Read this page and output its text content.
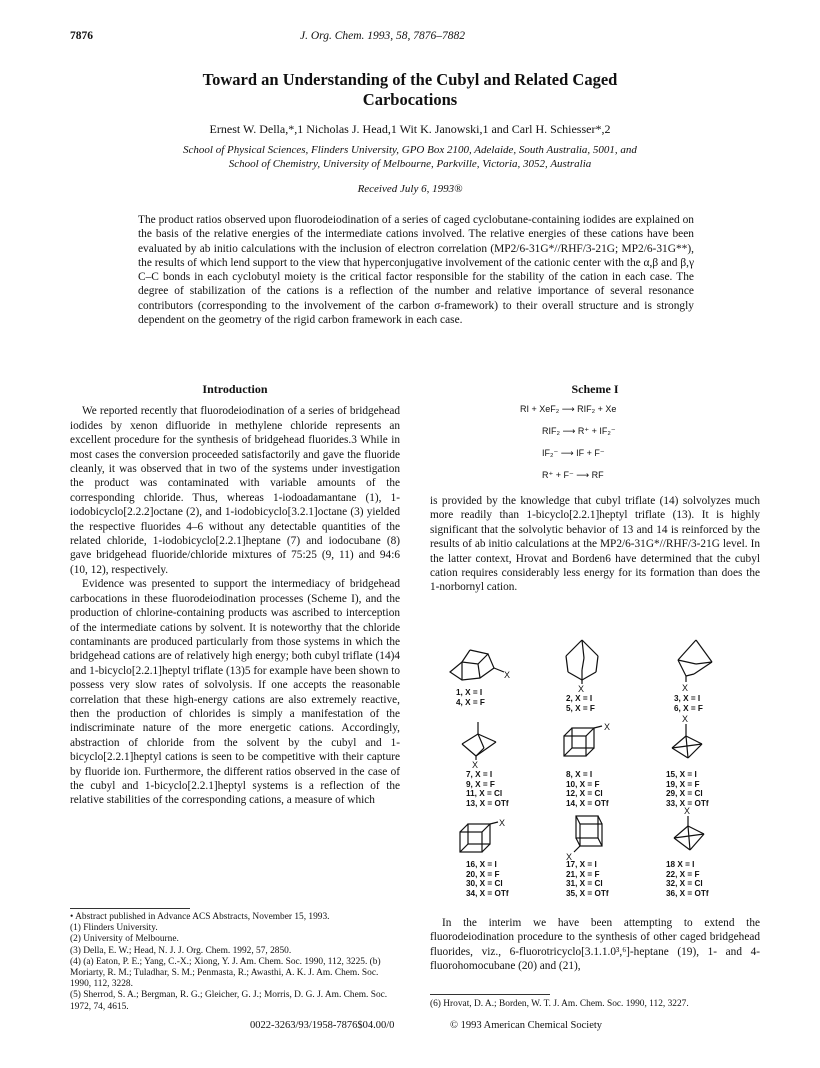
7876	J. Org. Chem. 1993, 58, 7876–7882
Toward an Understanding of the Cubyl and Related Caged
Carbocations
Ernest W. Della,*,1 Nicholas J. Head,1 Wit K. Janowski,1 and Carl H. Schiesser*,2
School of Physical Sciences, Flinders University, GPO Box 2100, Adelaide, South Australia, 5001, and
School of Chemistry, University of Melbourne, Parkville, Victoria, 3052, Australia
Received July 6, 1993®

The product ratios observed upon fluorodeiodination of a series of caged cyclobutane-containing iodides are explained on the basis of the relative energies of the intermediate cations involved. The relative energies of these cations have been evaluated by ab initio calculations with the inclusion of electron correlation (MP2/6-31G*//RHF/3-21G; MP2/6-31G**), the results of which lend support to the view that hyperconjugative involvement of the cationic center with the α,β and β,γ C–C bonds in each cyclobutyl moiety is the critical factor responsible for the stability of the cation in each case. The degree of stabilization of the cations is a reflection of the number and relative importance of several resonance contributors (corresponding to the involvement of the carbon σ-framework) to their overall structure and is strongly dependent on the geometry of the rigid carbon framework in each case.

Introduction

We reported recently that fluorodeiodination of a series of bridgehead iodides by xenon difluoride in methylene chloride represents an excellent procedure for the synthesis of bridgehead fluorides.3 While in most cases the conversion proceeded satisfactorily and gave the fluoride cleanly, it was observed that in two of the systems under investigation the product was contaminated with variable amounts of the corresponding chloride. Thus, whereas 1-iodoadamantane (1), 1-iodobicyclo[2.2.2]octane (2), and 1-iodobicyclo[3.2.1]octane (3) yielded the respective fluorides 4–6 without any detectable quantities of the related chloride, 1-iodobicyclo[2.2.1]heptane (7) and iodocubane (8) gave bridgehead fluoride/chloride mixtures of 75:25 (9, 11) and 94:6 (10, 12), respectively.

Evidence was presented to support the intermediacy of bridgehead carbocations in these fluorodeiodination processes (Scheme I), and the production of chlorine-containing products was ascribed to interception of the intermediate cations by solvent. It is noteworthy that the chloride contaminants are produced particularly from those systems in which the bridgehead cations are of relatively high energy; both cubyl triflate (14)4 and 1-bicyclo[2.2.1]heptyl triflate (13)5 for example have been shown to possess very slow rates of solvolysis. If one accepts the reasonable correlation that these high-energy cations are also extremely reactive, then the production of chlorides is simply a manifestation of the indiscriminate nature of the more energetic cations. Accordingly, abstraction of chloride from the solvent by the cubyl and 1-bicyclo[2.2.1]heptyl cations is seen to be competitive with their capture by fluoride ion. Furthermore, the different ratios observed in the case of the cubyl and 1-bicyclo[2.2.1]heptyl systems is a reflection of the relative stabilities of the corresponding cations, a measure of which

• Abstract published in Advance ACS Abstracts, November 15, 1993.
(1) Flinders University.
(2) University of Melbourne.
(3) Della, E. W.; Head, N. J. J. Org. Chem. 1992, 57, 2850.
(4) (a) Eaton, P. E.; Yang, C.-X.; Xiong, Y. J. Am. Chem. Soc. 1990, 112, 3225. (b) Moriarty, R. M.; Tuladhar, S. M.; Penmasta, R.; Awasthi, A. K. J. Am. Chem. Soc. 1990, 112, 3228.
(5) Sherrod, S. A.; Bergman, R. G.; Gleicher, G. J.; Morris, D. G. J. Am. Chem. Soc. 1972, 74, 4615.
Scheme I
RI + XeF₂ ⟶ RIF₂ + Xe
RIF₂ ⟶ R⁺ + IF₂⁻
IF₂⁻ ⟶ IF + F⁻
R⁺ + F⁻ ⟶ RF

is provided by the knowledge that cubyl triflate (14) solvolyzes much more readily than 1-bicyclo[2.2.1]heptyl triflate (13). It is highly significant that the solvolytic behavior of 13 and 14 is reinforced by the results of ab initio calculations at the MP2/6-31G*//RHF/3-21G level. In the latter context, Hrovat and Borden6 have determined that the cubyl cation requires considerably less energy for its formation than does the 1-norbornyl cation.

X
1, X = I
4, X = F
X
2, X = I
5, X = F
X
3, X = I
6, X = F
X
7, X = I
9, X = F
11, X = Cl
13, X = OTf
X
8, X = I
10, X = F
12, X = Cl
14, X = OTf
X
15, X = I
19, X = F
29, X = Cl
33, X = OTf
X
16, X = I
20, X = F
30, X = Cl
34, X = OTf
X
17, X = I
21, X = F
31, X = Cl
35, X = OTf
X
18 X = I
22, X = F
32, X = Cl
36, X = OTf

In the interim we have been attempting to extend the fluorodeiodination procedure to the synthesis of other caged bridgehead fluorides, viz., 6-fluorotricyclo[3.1.1.0³,⁶]-heptane (19), 1- and 4-fluorohomocubane (20) and (21),

(6) Hrovat, D. A.; Borden, W. T. J. Am. Chem. Soc. 1990, 112, 3227.
0022-3263/93/1958-7876$04.00/0	© 1993 American Chemical Society
